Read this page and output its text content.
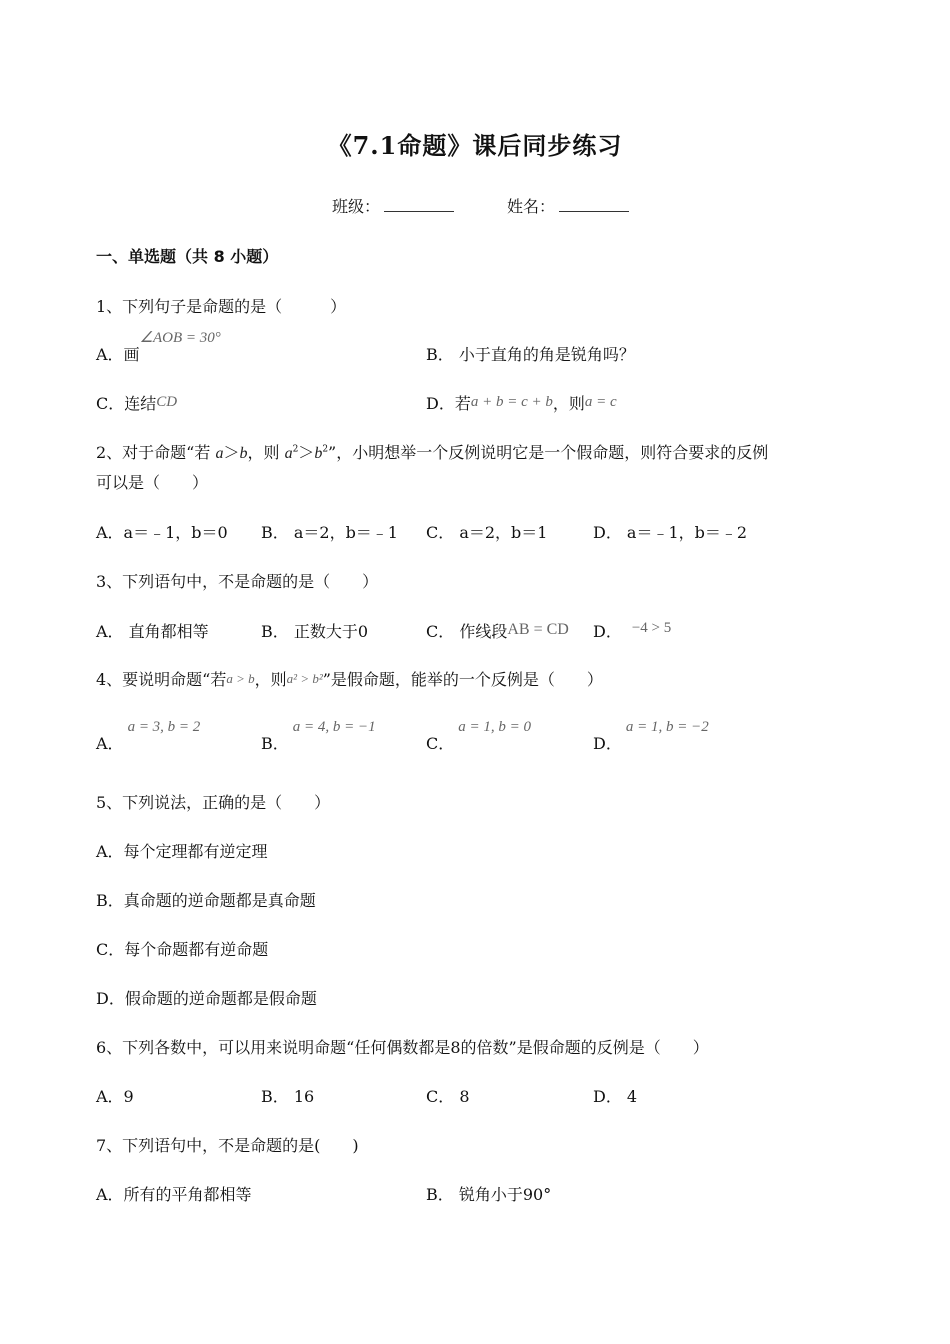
《7.1命题》课后同步练习
班级：	姓名：
一、单选题（共 8 小题）
1、下列句子是命题的是（　　　）
A．画∠AOB = 30°
B． 小于直角的角是锐角吗？
C．连结CD	D．若a + b = c + b，则a = c
2、对于命题“若 a＞b，则 $a^2>b^2$”，小明想举一个反例说明它是一个假命题，则符合要求的反例
可以是（　　）
A．a＝﹣1，b＝0 B． a＝2，b＝﹣1 C． a＝2，b＝1	D． a＝﹣1，b＝﹣2
3、下列语句中，不是命题的是（　　）
A． 直角都相等	B． 正数大于0	C． 作线段AB = CD D． −4 > 5
4、要说明命题“若a > b，则a² > b²”是假命题，能举的一个反例是（　　）
A．a = 3, b = 2
B．a = 4, b = −1
C．a = 1, b = 0
D．a = 1, b = −2
5、下列说法，正确的是（　　）
A．每个定理都有逆定理
B．真命题的逆命题都是真命题
C．每个命题都有逆命题
D．假命题的逆命题都是假命题
6、下列各数中，可以用来说明命题“任何偶数都是8的倍数”是假命题的反例是（　　）
A．9	B． 16	C． 8	D． 4
7、下列语句中，不是命题的是(　　)
A．所有的平角都相等	B． 锐角小于90°
